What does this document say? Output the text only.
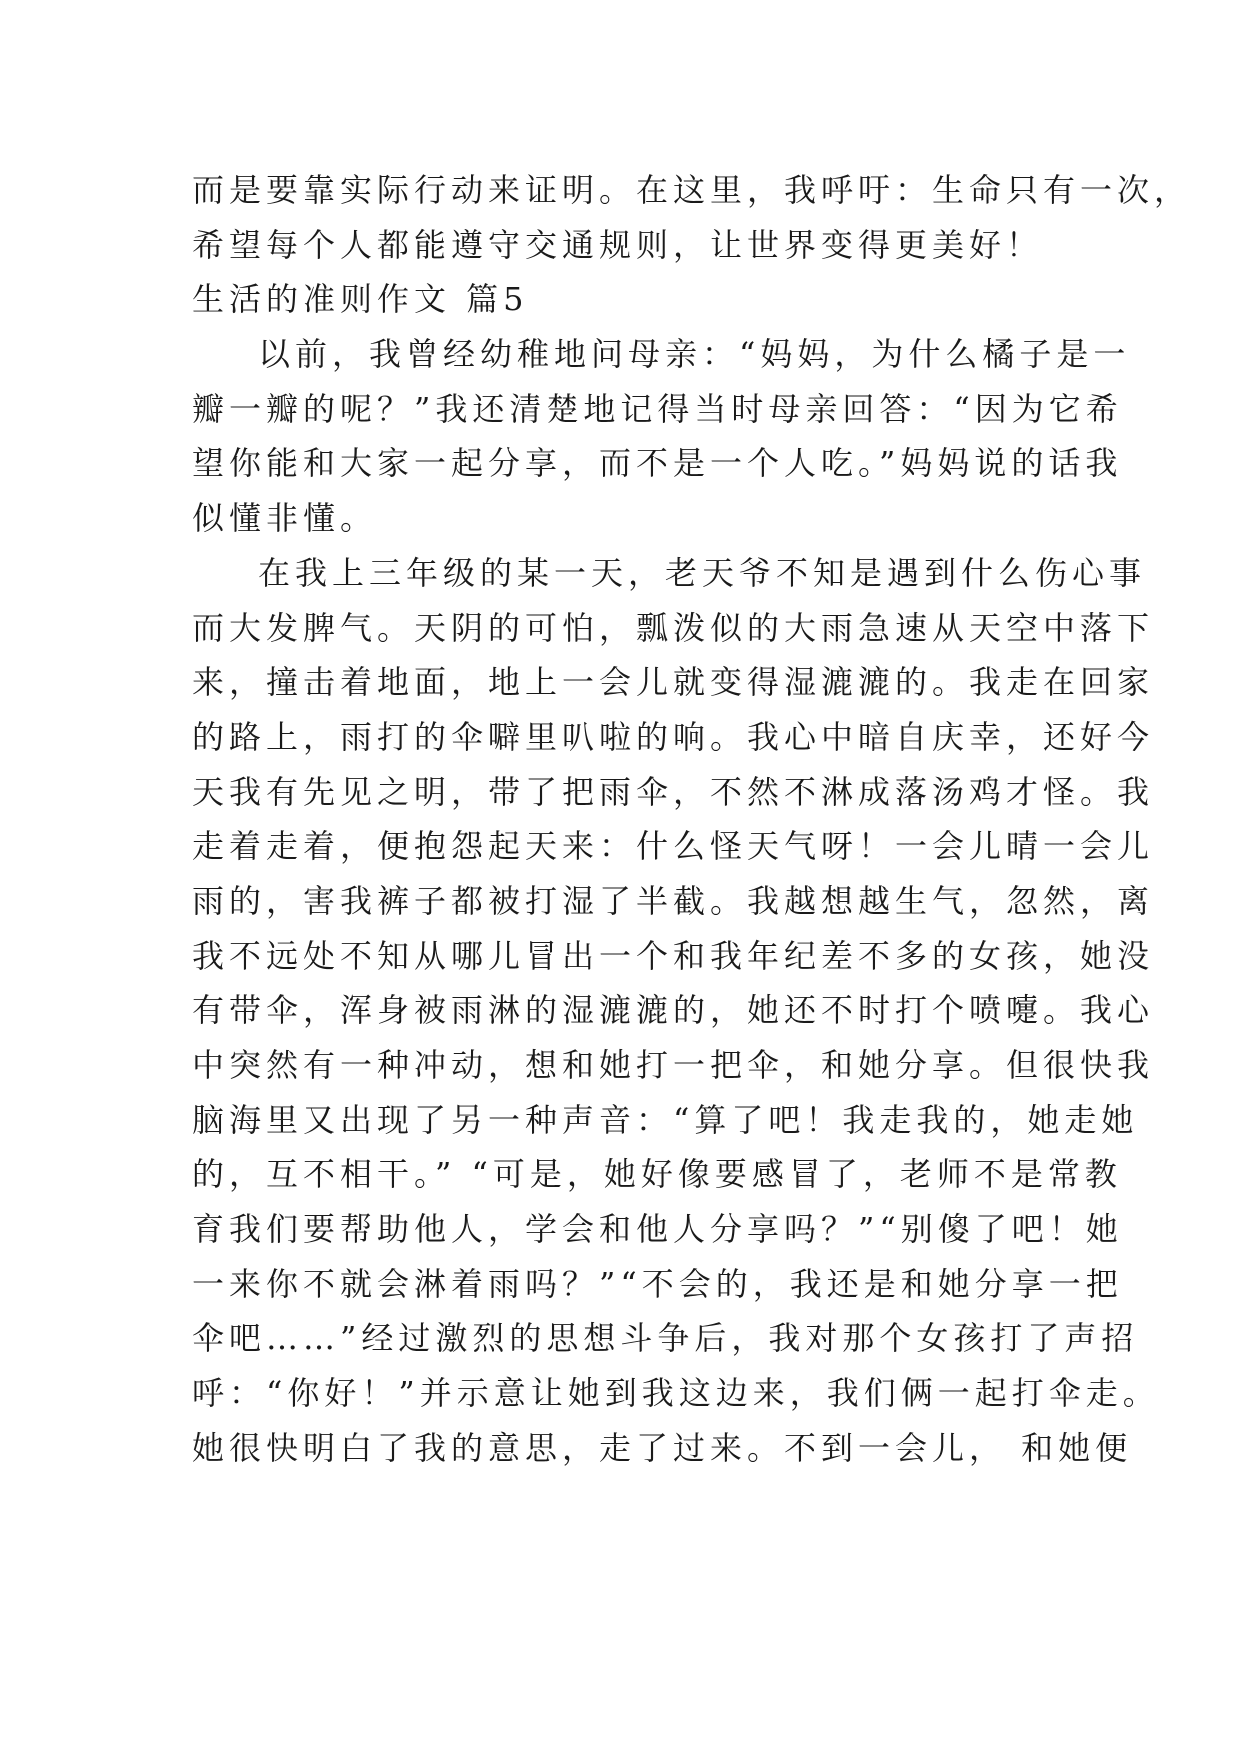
而是要靠实际行动来证明。在这里，我呼吁：生命只有一次，
希望每个人都能遵守交通规则，让世界变得更美好！
生活的准则作文 篇5
以前，我曾经幼稚地问母亲：“妈妈，为什么橘子是一
瓣一瓣的呢？”我还清楚地记得当时母亲回答：“因为它希
望你能和大家一起分享，而不是一个人吃。”妈妈说的话我
似懂非懂。
在我上三年级的某一天，老天爷不知是遇到什么伤心事
而大发脾气。天阴的可怕，瓢泼似的大雨急速从天空中落下
来，撞击着地面，地上一会儿就变得湿漉漉的。我走在回家
的路上，雨打的伞噼里叭啦的响。我心中暗自庆幸，还好今
天我有先见之明，带了把雨伞，不然不淋成落汤鸡才怪。我
走着走着，便抱怨起天来：什么怪天气呀！一会儿晴一会儿
雨的，害我裤子都被打湿了半截。我越想越生气，忽然，离
我不远处不知从哪儿冒出一个和我年纪差不多的女孩，她没
有带伞，浑身被雨淋的湿漉漉的，她还不时打个喷嚏。我心
中突然有一种冲动，想和她打一把伞，和她分享。但很快我
脑海里又出现了另一种声音：“算了吧！我走我的，她走她
的，互不相干。” “可是，她好像要感冒了，老师不是常教
育我们要帮助他人，学会和他人分享吗？”“别傻了吧！她
一来你不就会淋着雨吗？”“不会的，我还是和她分享一把
伞吧……”经过激烈的思想斗争后，我对那个女孩打了声招
呼：“你好！”并示意让她到我这边来，我们俩一起打伞走。
她很快明白了我的意思，走了过来。不到一会儿， 和她便
